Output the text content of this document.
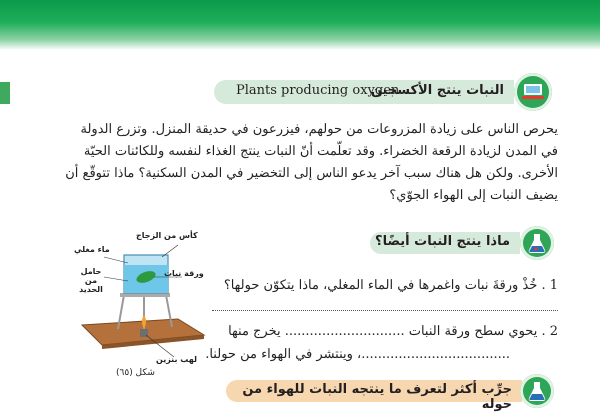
Plants producing oxygen
النبات ينتج الأكسجين
يحرص الناس على زيادة المزروعات من حولهم، فيزرعون في حديقة المنزل. وتزرع الدولة
في المدن لزيادة الرقعة الخضراء. وقد تعلّمت أنّ النبات ينتج الغذاء لنفسه وللكائنات الحيّة
الأخرى. ولكن هل هناك سبب آخر يدعو الناس إلى التخضير في المدن السكنية؟ ماذا تتوقّع أن
يضيف النبات إلى الهواء الجوّي؟
ماذا ينتج النبات أيضًا؟
1 . خُذْ ورقةَ نبات واغمرها في الماء المغلي، ماذا يتكوّن حولها؟
2 . يحوي سطح ورقة النبات ............................. يخرج منها
....................................، وينتشر في الهواء من حولنا.
كأس من الزجاج
ماء مغلي
حامل من الحديد
ورقة نبات
لهب بنزين
شكل (٦٥)
جرِّب أكثر لتعرف ما ينتجه النبات للهواء من حوله
